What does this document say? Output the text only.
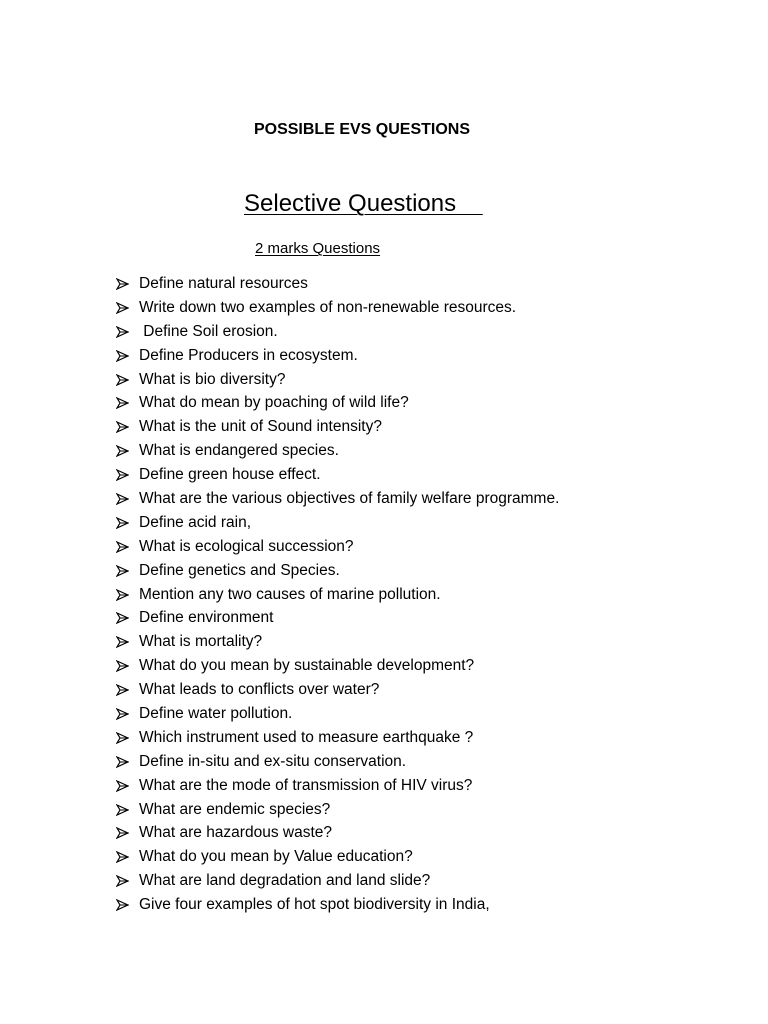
POSSIBLE EVS QUESTIONS
Selective Questions
2 marks Questions
Define natural resources
Write down two examples of non-renewable resources.
Define Soil erosion.
Define Producers in ecosystem.
What is bio diversity?
What do mean by poaching of wild life?
What is the unit of Sound intensity?
What is endangered species.
Define green house effect.
What are the various objectives of family welfare programme.
Define acid rain,
What is ecological succession?
Define genetics and Species.
Mention any two causes of marine pollution.
Define environment
What is mortality?
What do you mean by sustainable development?
What leads to conflicts over water?
Define water pollution.
Which instrument used to measure earthquake ?
Define in-situ and ex-situ conservation.
What are the mode of transmission of HIV virus?
What are endemic species?
What are hazardous waste?
What do you mean by Value education?
What are land degradation and land slide?
Give four examples of hot spot biodiversity in India,
